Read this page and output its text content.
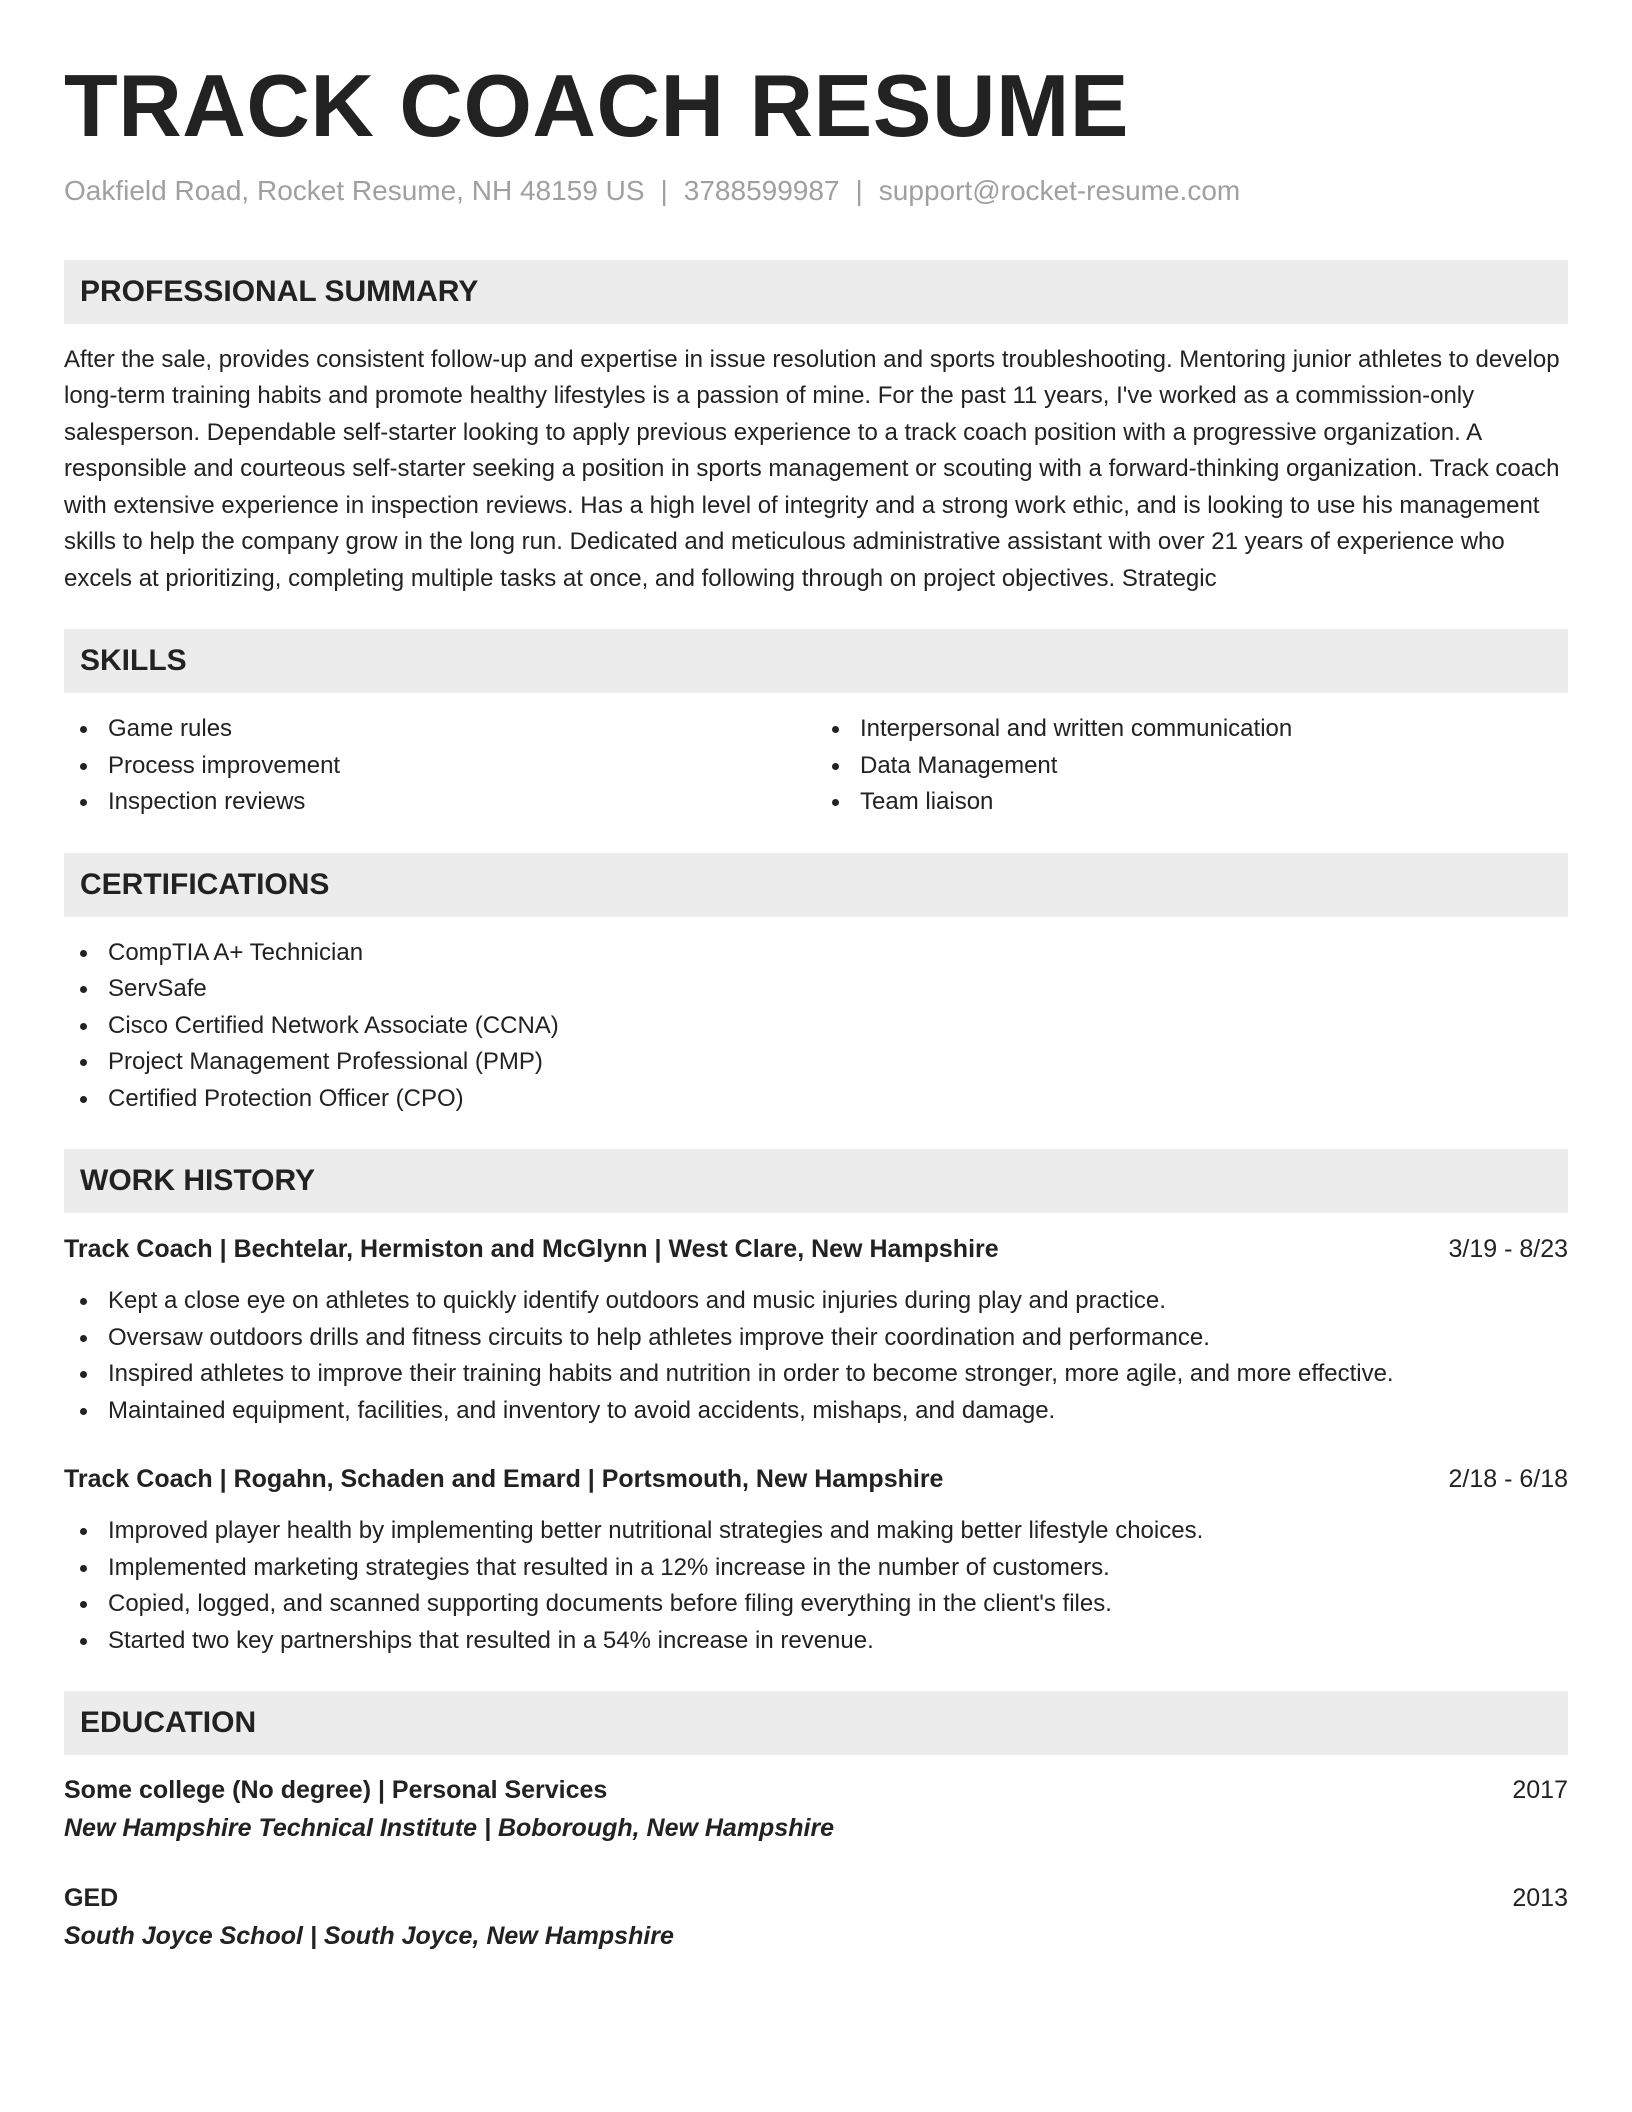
TRACK COACH RESUME
Oakfield Road, Rocket Resume, NH 48159 US | 3788599987 | support@rocket-resume.com
PROFESSIONAL SUMMARY

After the sale, provides consistent follow-up and expertise in issue resolution and sports troubleshooting. Mentoring junior athletes to develop long-term training habits and promote healthy lifestyles is a passion of mine. For the past 11 years, I've worked as a commission-only salesperson. Dependable self-starter looking to apply previous experience to a track coach position with a progressive organization. A responsible and courteous self-starter seeking a position in sports management or scouting with a forward-thinking organization. Track coach with extensive experience in inspection reviews. Has a high level of integrity and a strong work ethic, and is looking to use his management skills to help the company grow in the long run. Dedicated and meticulous administrative assistant with over 21 years of experience who excels at prioritizing, completing multiple tasks at once, and following through on project objectives. Strategic

SKILLS
Game rules
Process improvement
Inspection reviews
Interpersonal and written communication
Data Management
Team liaison
CERTIFICATIONS
CompTIA A+ Technician
ServSafe
Cisco Certified Network Associate (CCNA)
Project Management Professional (PMP)
Certified Protection Officer (CPO)
WORK HISTORY
Track Coach | Bechtelar, Hermiston and McGlynn | West Clare, New Hampshire	3/19 - 8/23
Kept a close eye on athletes to quickly identify outdoors and music injuries during play and practice.
Oversaw outdoors drills and fitness circuits to help athletes improve their coordination and performance.
Inspired athletes to improve their training habits and nutrition in order to become stronger, more agile, and more effective.
Maintained equipment, facilities, and inventory to avoid accidents, mishaps, and damage.
Track Coach | Rogahn, Schaden and Emard | Portsmouth, New Hampshire	2/18 - 6/18
Improved player health by implementing better nutritional strategies and making better lifestyle choices.
Implemented marketing strategies that resulted in a 12% increase in the number of customers.
Copied, logged, and scanned supporting documents before filing everything in the client's files.
Started two key partnerships that resulted in a 54% increase in revenue.
EDUCATION
Some college (No degree) | Personal Services	2017
New Hampshire Technical Institute | Boborough, New Hampshire
GED	2013
South Joyce School | South Joyce, New Hampshire
